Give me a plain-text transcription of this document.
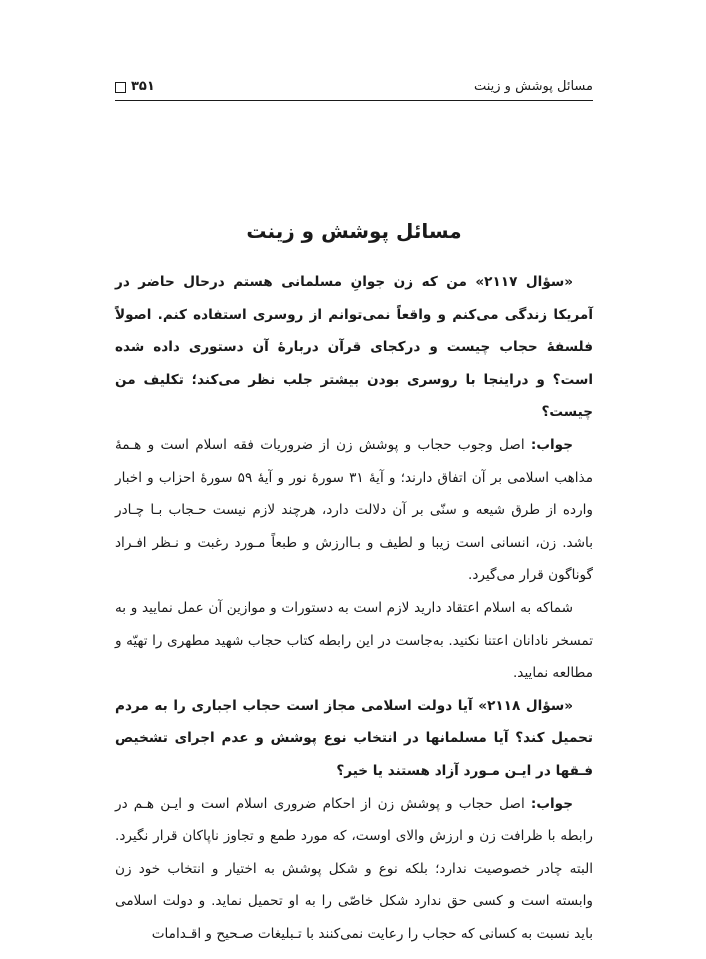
مسائل پوشش و زینت
۳۵۱
مسائل پوشش و زینت

«سؤال ۲۱۱۷» من که زن جوانِ مسلمانی هستم درحال حاضر در آمریکا زندگی می‌کنم و واقعاً نمی‌توانم از روسری استفاده کنم. اصولاً فلسفهٔ حجاب چیست و درکجای قرآن دربارهٔ آن دستوری داده شده است؟ و دراینجا با روسری بودن بیشتر جلب نظر می‌کند؛ تکلیف من چیست؟

جواب: اصل وجوب حجاب و پوشش زن از ضروریات فقه اسلام است و هـمهٔ مذاهب اسلامی بر آن اتفاق دارند؛ و آیهٔ ۳۱ سورهٔ نور و آیهٔ ۵۹ سورهٔ احزاب و اخبار وارده از طرق شیعه و سنّی بر آن دلالت دارد، هرچند لازم نیست حـجاب بـا چـادر باشد. زن، انسانی است زیبا و لطیف و بـاارزش و طبعاً مـورد رغبت و نـظر افـراد گوناگون قرار می‌گیرد.

شماکه به اسلام اعتقاد دارید لازم است به دستورات و موازین آن عمل نمایید و به تمسخر نادانان اعتنا نکنید. به‌جاست در این رابطه کتاب حجاب شهید مطهری را تهیّه و مطالعه نمایید.

«سؤال ۲۱۱۸» آیا دولت اسلامی مجاز است حجاب اجباری را به مردم تحمیل کند؟ آیا مسلمانها در انتخاب نوع پوشش و عدم اجرای تشخیص فـقها در ایـن مـورد آزاد هستند یا خیر؟

جواب: اصل حجاب و پوشش زن از احکام ضروری اسلام است و ایـن هـم در رابطه با ظرافت زن و ارزش والای اوست، که مورد طمع و تجاوز ناپاکان قرار نگیرد. البته چادر خصوصیت ندارد؛ بلکه نوع و شکل پوشش به اختیار و انتخاب خود زن وابسته است و کسی حق ندارد شکل خاصّی را به او تحمیل نماید. و دولت اسلامی باید نسبت به کسانی که حجاب را رعایت نمی‌کنند با تـبلیغات صـحیح و اقـدامات
